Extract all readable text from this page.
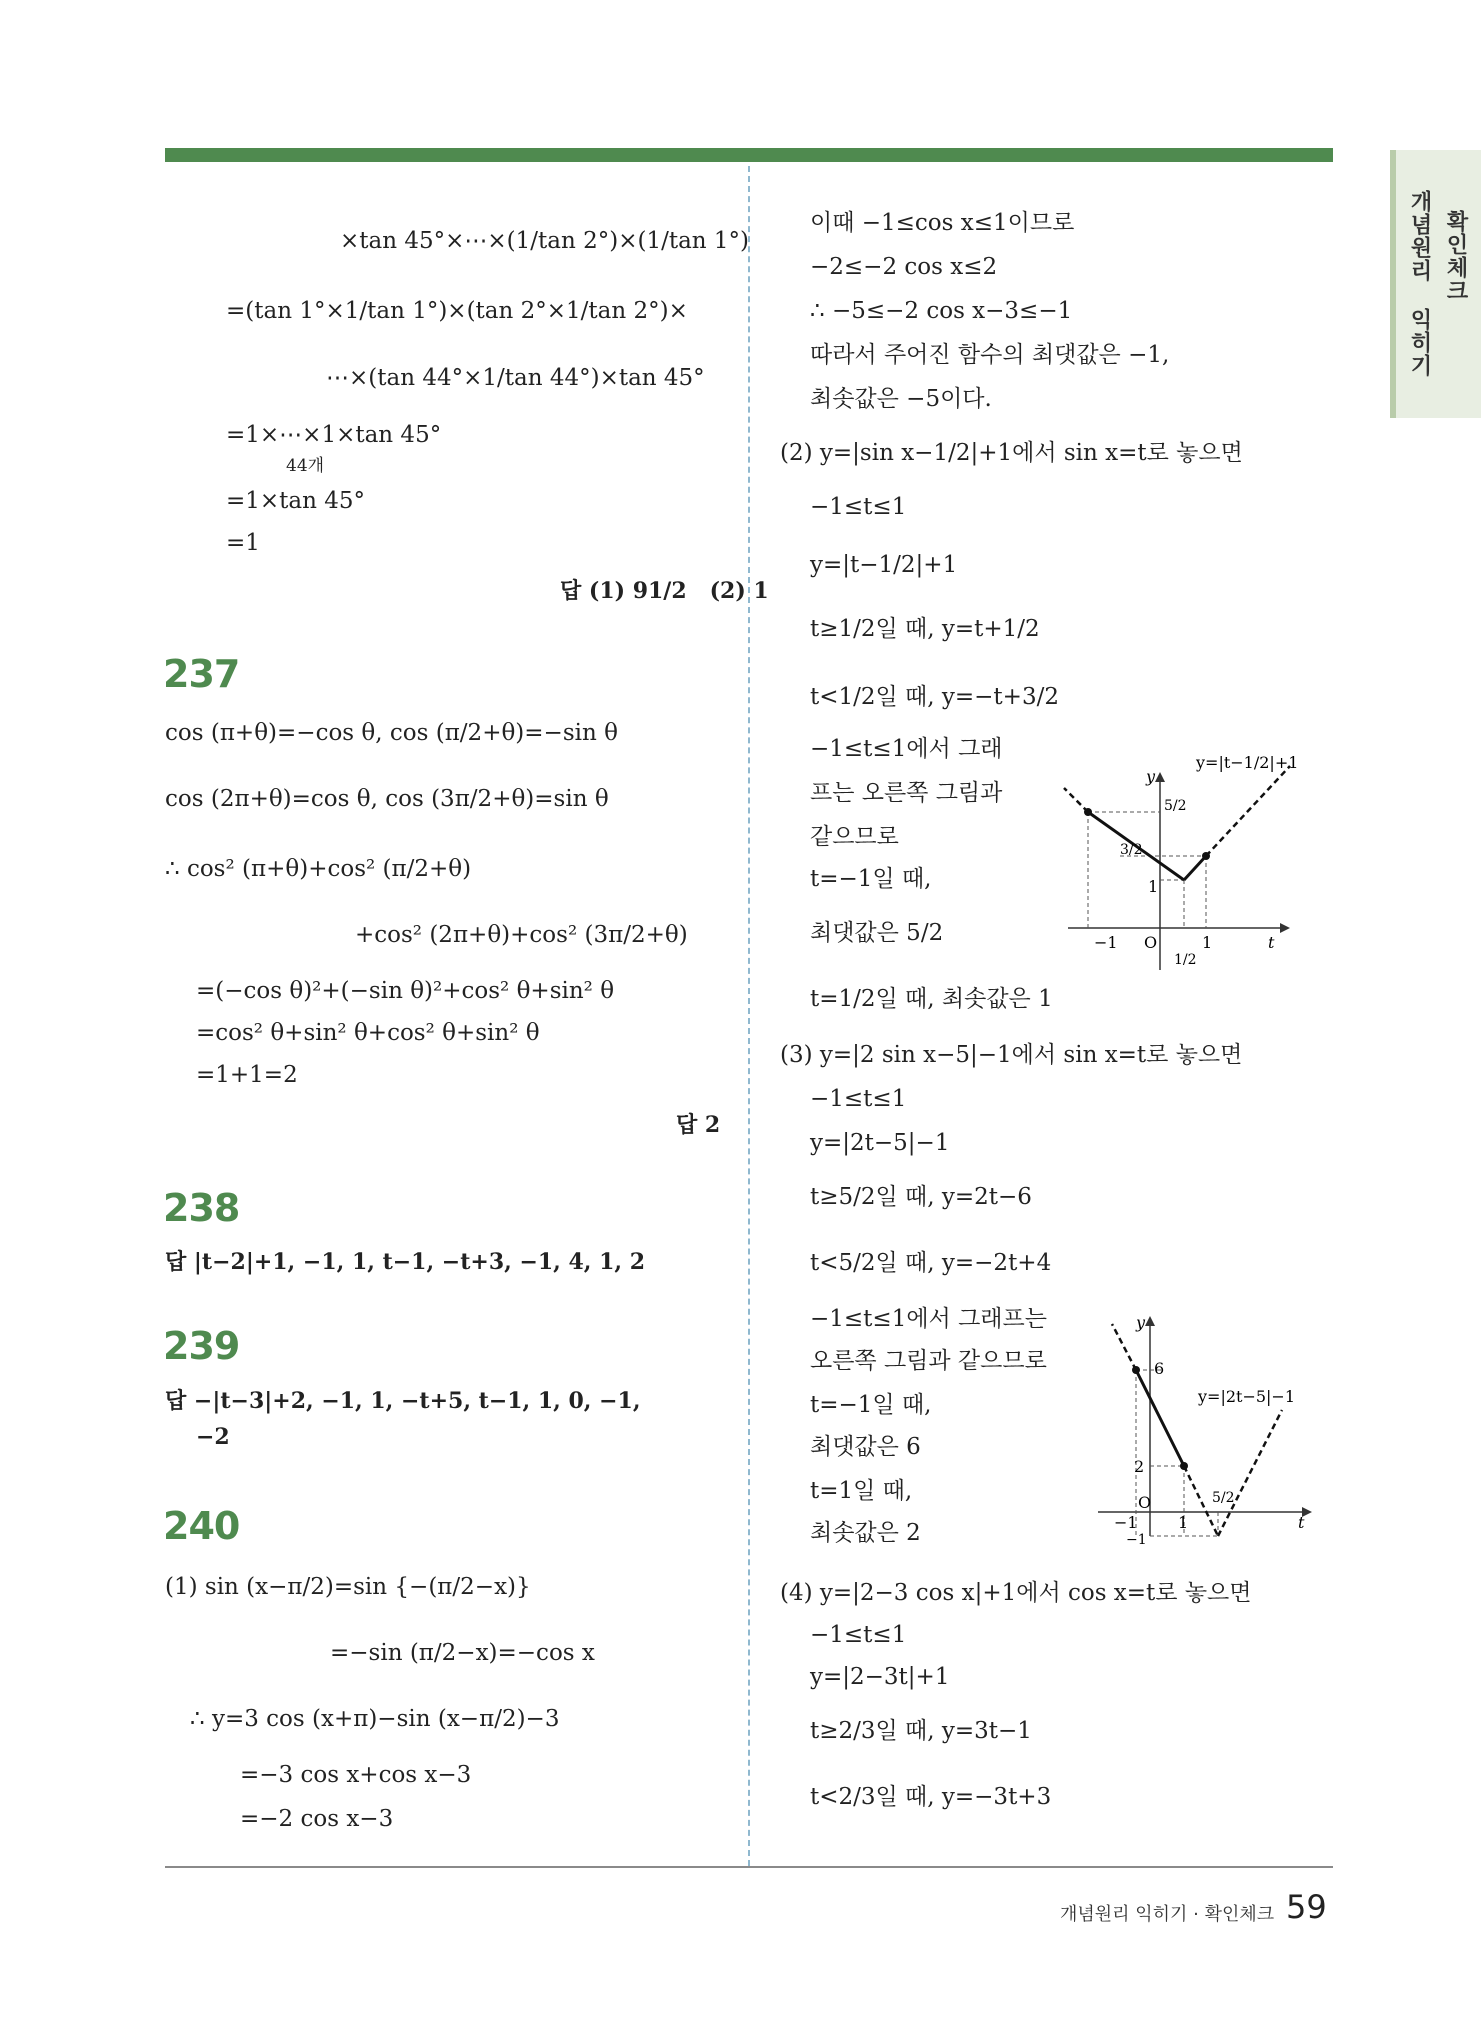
개념원리 익히기 확인체크
×tan 45°×⋯×(1/tan 2°)×(1/tan 1°)
=(tan 1°×1/tan 1°)×(tan 2°×1/tan 2°)×
⋯×(tan 44°×1/tan 44°)×tan 45°
=1×⋯×1×tan 45°
44개
=1×tan 45°
=1
답 (1) 91/2   (2) 1
237
cos (π+θ)=−cos θ, cos (π/2+θ)=−sin θ
cos (2π+θ)=cos θ, cos (3π/2+θ)=sin θ
∴ cos² (π+θ)+cos² (π/2+θ)
+cos² (2π+θ)+cos² (3π/2+θ)
=(−cos θ)²+(−sin θ)²+cos² θ+sin² θ
=cos² θ+sin² θ+cos² θ+sin² θ
=1+1=2
답 2
238
답 |t−2|+1, −1, 1, t−1, −t+3, −1, 4, 1, 2
239
답 −|t−3|+2, −1, 1, −t+5, t−1, 1, 0, −1,
−2
240
(1) sin (x−π/2)=sin {−(π/2−x)}
=−sin (π/2−x)=−cos x
∴ y=3 cos (x+π)−sin (x−π/2)−3
=−3 cos x+cos x−3
=−2 cos x−3
이때 −1≤cos x≤1이므로
−2≤−2 cos x≤2
∴ −5≤−2 cos x−3≤−1
따라서 주어진 함수의 최댓값은 −1,
최솟값은 −5이다.
(2) y=|sin x−1/2|+1에서 sin x=t로 놓으면
−1≤t≤1
y=|t−1/2|+1
t≥1/2일 때, y=t+1/2
t<1/2일 때, y=−t+3/2
−1≤t≤1에서 그래
프는 오른쪽 그림과
같으므로
t=−1일 때,
최댓값은 5/2
t=1/2일 때, 최솟값은 1
(3) y=|2 sin x−5|−1에서 sin x=t로 놓으면
−1≤t≤1
y=|2t−5|−1
t≥5/2일 때, y=2t−6
t<5/2일 때, y=−2t+4
−1≤t≤1에서 그래프는
오른쪽 그림과 같으므로
t=−1일 때,
최댓값은 6
t=1일 때,
최솟값은 2
(4) y=|2−3 cos x|+1에서 cos x=t로 놓으면
−1≤t≤1
y=|2−3t|+1
t≥2/3일 때, y=3t−1
t<2/3일 때, y=−3t+3
y
t
y=|t−1/2|+1
−1 O
1/2
1
1
3/2
5/2
y
t
y=|2t−5|−1
−1
O
1
5/2
2
6
−1
개념원리 익히기 · 확인체크 59
